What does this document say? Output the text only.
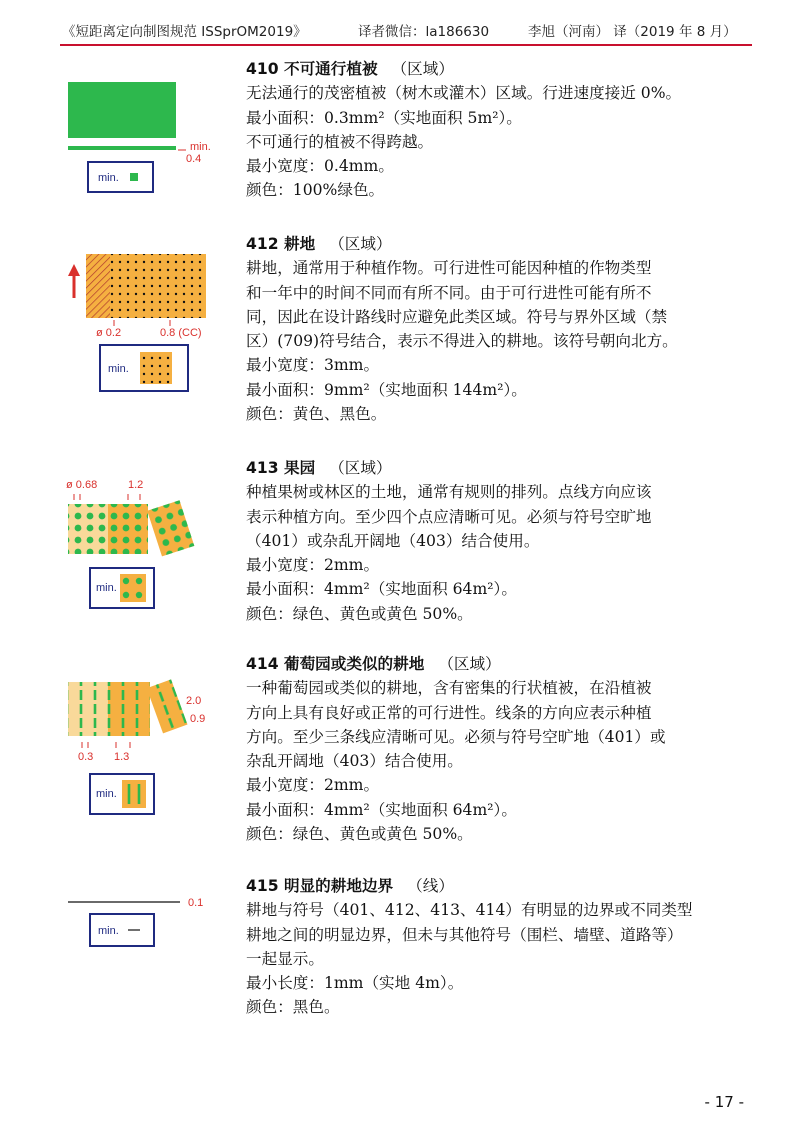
《短距离定向制图规范 ISSprOM2019》	译者微信：la186630	李旭（河南） 译（2019 年 8 月）
min.
0.4
min.
410 不可通行植被 （区域）

无法通行的茂密植被（树木或灌木）区域。行进速度接近 0%。

最小面积：0.3mm²（实地面积 5m²）。

不可通行的植被不得跨越。

最小宽度：0.4mm。

颜色：100%绿色。

ø 0.2	0.8 (CC)
min.
412 耕地 （区域）

耕地，通常用于种植作物。可行进性可能因种植的作物类型

和一年中的时间不同而有所不同。由于可行进性可能有所不

同，因此在设计路线时应避免此类区域。符号与界外区域（禁

区）(709)符号结合，表示不得进入的耕地。该符号朝向北方。

最小宽度：3mm。

最小面积：9mm²（实地面积 144m²）。

颜色：黄色、黑色。

ø 0.68	1.2
min.
413 果园 （区域）

种植果树或林区的土地，通常有规则的排列。点线方向应该

表示种植方向。至少四个点应清晰可见。必须与符号空旷地

（401）或杂乱开阔地（403）结合使用。

最小宽度：2mm。

最小面积：4mm²（实地面积 64m²）。

颜色：绿色、黄色或黄色 50%。

2.0
0.9
0.3 1.3
min.
414 葡萄园或类似的耕地 （区域）

一种葡萄园或类似的耕地，含有密集的行状植被，在沿植被

方向上具有良好或正常的可行进性。线条的方向应表示种植

方向。至少三条线应清晰可见。必须与符号空旷地（401）或

杂乱开阔地（403）结合使用。

最小宽度：2mm。

最小面积：4mm²（实地面积 64m²）。

颜色：绿色、黄色或黄色 50%。

0.1
min.
415 明显的耕地边界 （线）

耕地与符号（401、412、413、414）有明显的边界或不同类型

耕地之间的明显边界，但未与其他符号（围栏、墙壁、道路等）

一起显示。

最小长度：1mm（实地 4m）。

颜色：黑色。

- 17 -
